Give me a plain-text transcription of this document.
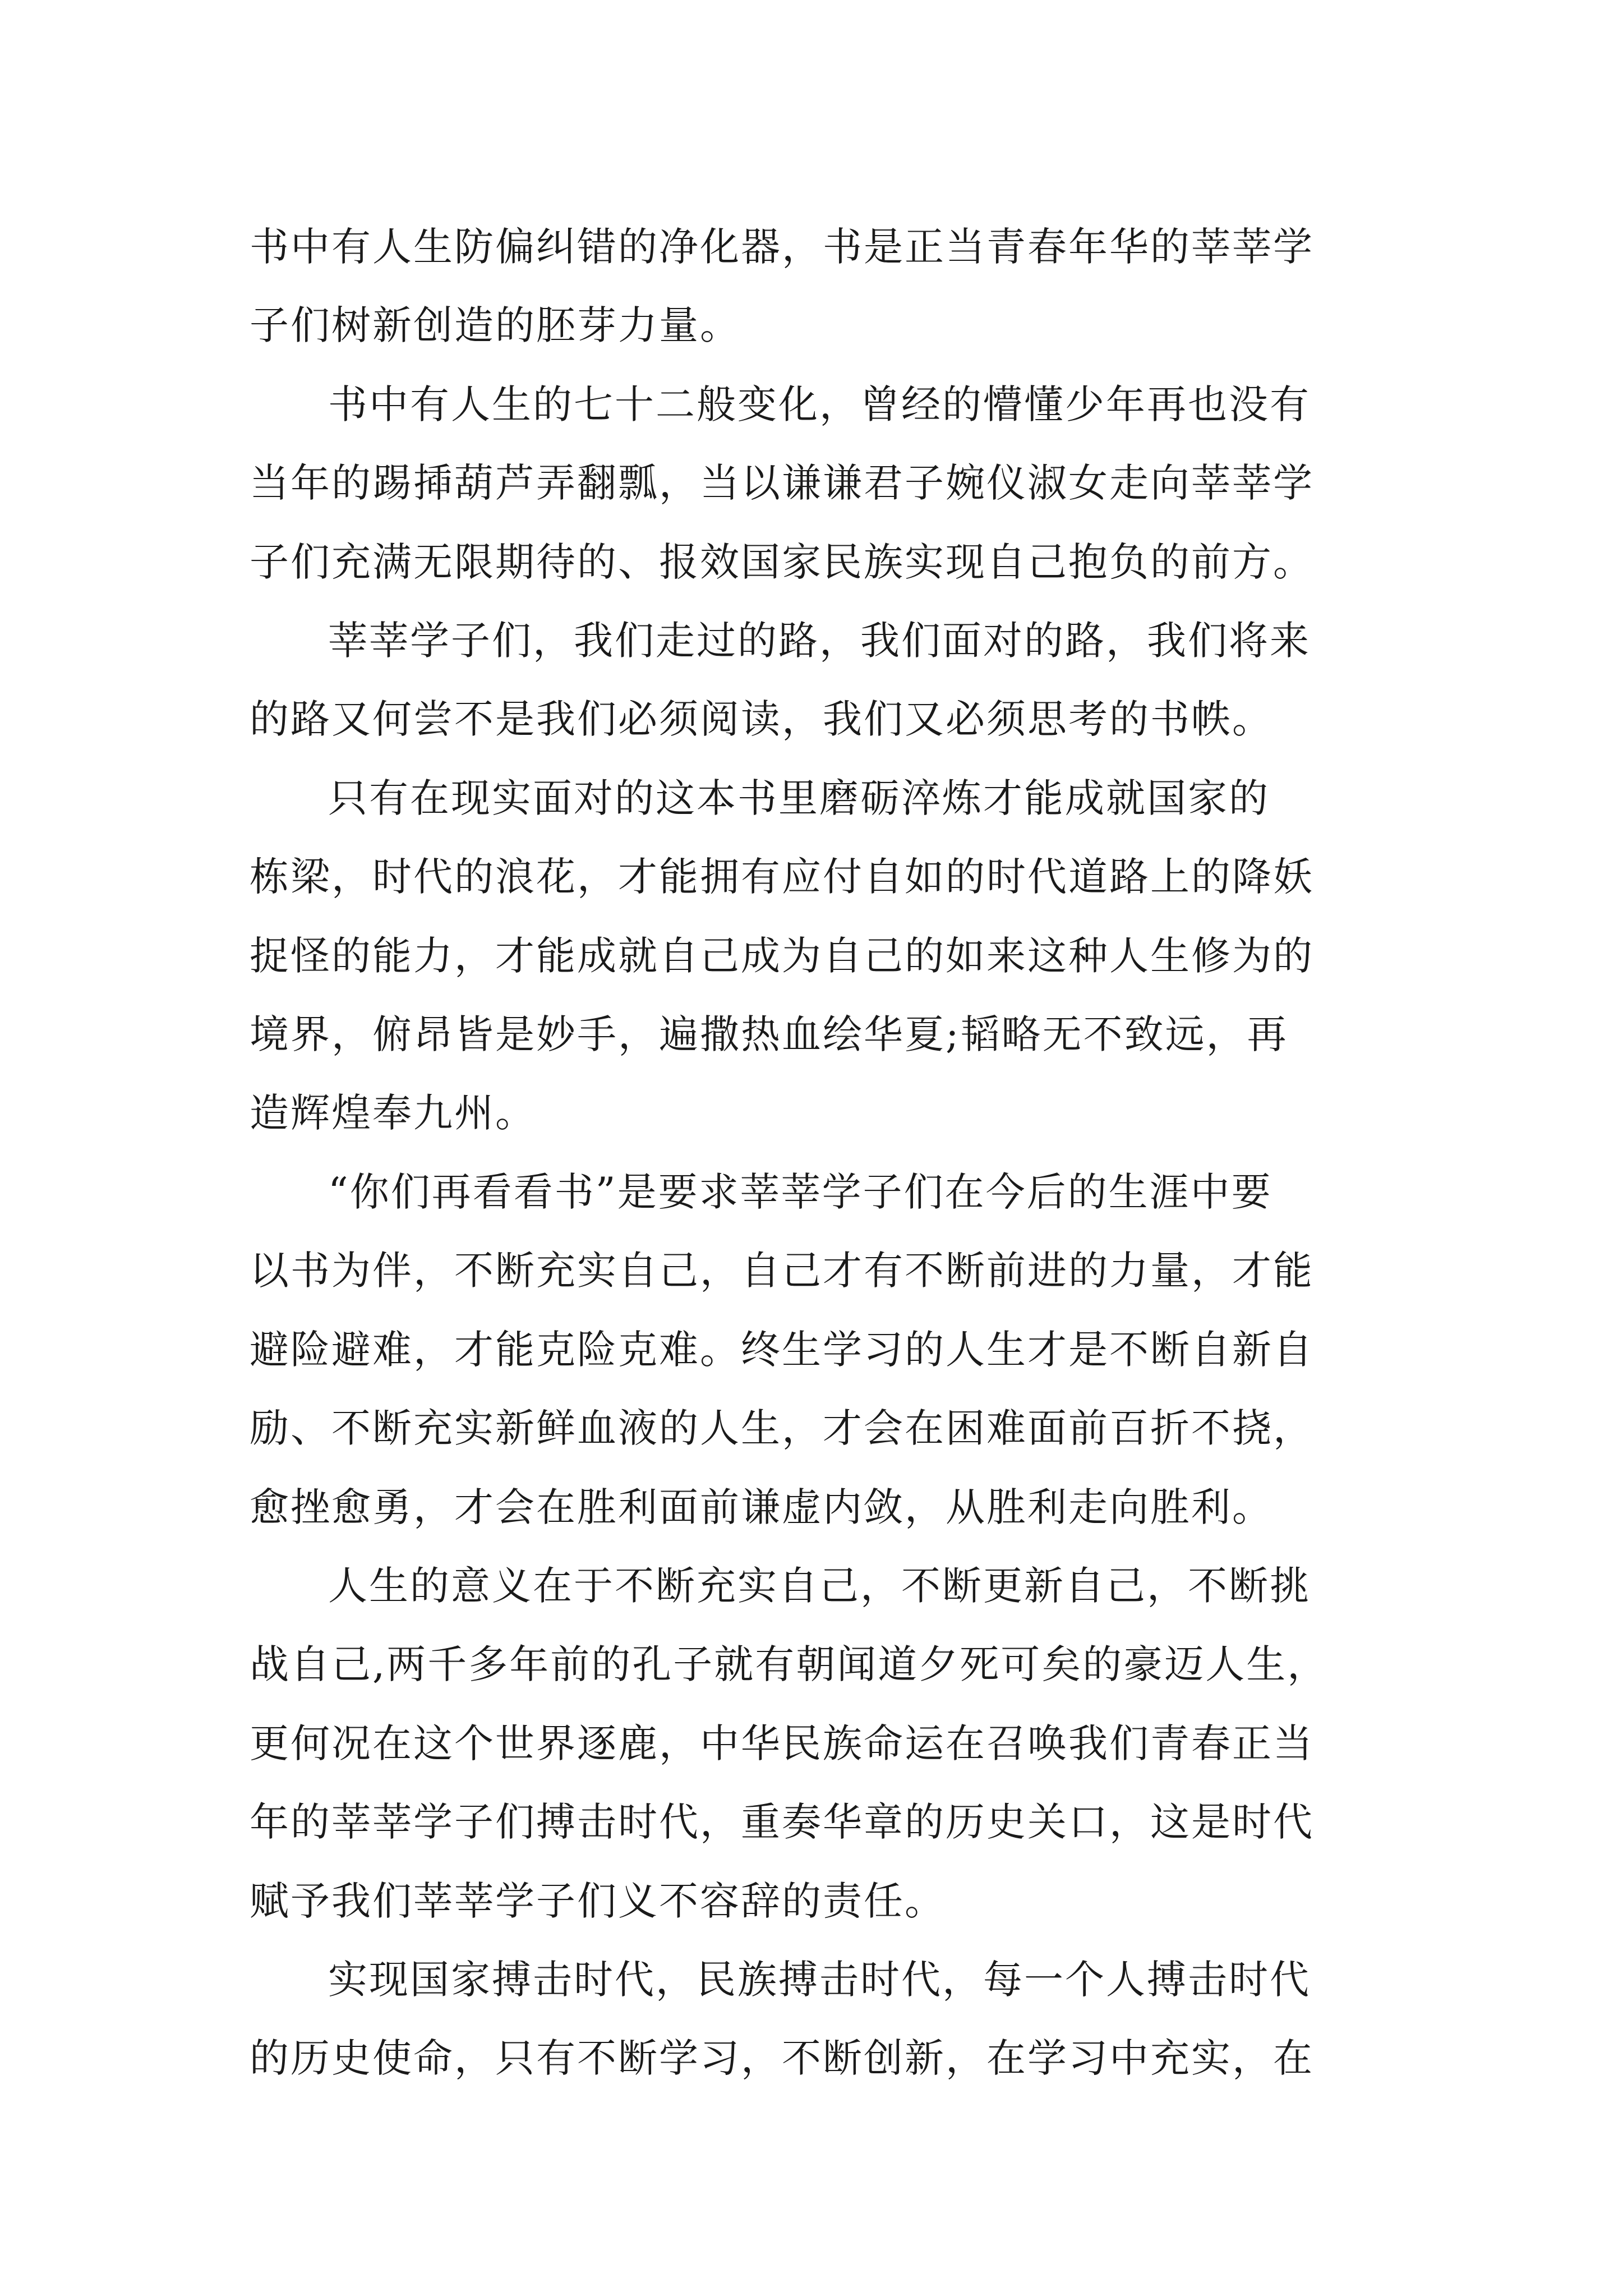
书中有人生防偏纠错的净化器，书是正当青春年华的莘莘学
子们树新创造的胚芽力量。

书中有人生的七十二般变化，曾经的懵懂少年再也没有
当年的踢揷葫芦弄翻瓢，当以谦谦君子婉仪淑女走向莘莘学
子们充满无限期待的、报效国家民族实现自己抱负的前方。

莘莘学子们，我们走过的路，我们面对的路，我们将来
的路又何尝不是我们必须阅读，我们又必须思考的书帙。

只有在现实面对的这本书里磨砺淬炼才能成就国家的
栋梁，时代的浪花，才能拥有应付自如的时代道路上的降妖
捉怪的能力，才能成就自己成为自己的如来这种人生修为的
境界，俯昂皆是妙手，遍撒热血绘华夏;韬略无不致远，再
造辉煌奉九州。

“你们再看看书”是要求莘莘学子们在今后的生涯中要
以书为伴，不断充实自己，自己才有不断前进的力量，才能
避险避难，才能克险克难。终生学习的人生才是不断自新自
励、不断充实新鲜血液的人生，才会在困难面前百折不挠，
愈挫愈勇，才会在胜利面前谦虚内敛，从胜利走向胜利。

人生的意义在于不断充实自己，不断更新自己，不断挑
战自己,两千多年前的孔子就有朝闻道夕死可矣的豪迈人生，
更何况在这个世界逐鹿，中华民族命运在召唤我们青春正当
年的莘莘学子们搏击时代，重奏华章的历史关口，这是时代
赋予我们莘莘学子们义不容辞的责任。

实现国家搏击时代，民族搏击时代，每一个人搏击时代
的历史使命，只有不断学习，不断创新，在学习中充实，在
